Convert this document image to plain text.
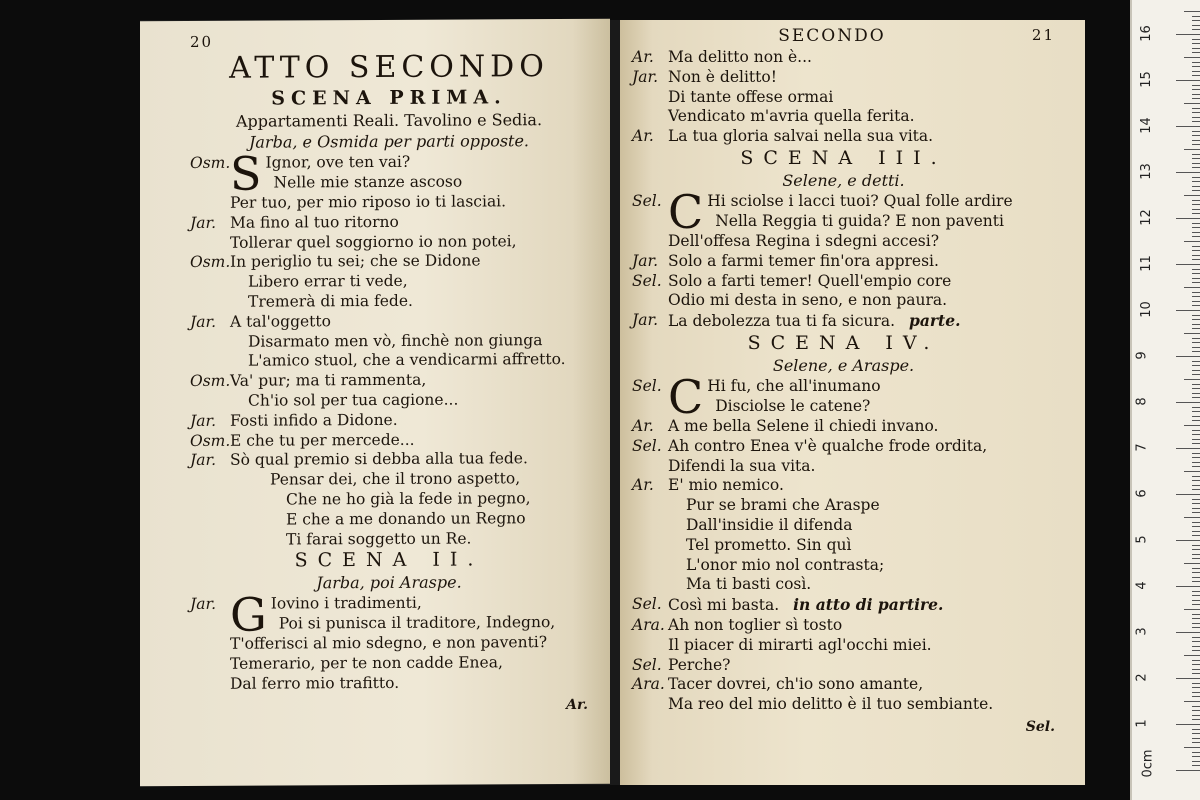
20
ATTO SECONDO
SCENA PRIMA.
Appartamenti Reali. Tavolino e Sedia.
Jarba, e Osmida per parti opposte.
Osm. S Ignor, ove ten vai?
Nelle mie stanze ascoso
Per tuo, per mio riposo io ti lasciai.
Jar. Ma fino al tuo ritorno
Tollerar quel soggiorno io non potei,
Osm. In periglio tu sei; che se Didone
Libero errar ti vede,
Tremerà di mia fede.
Jar. A tal'oggetto
Disarmato men vò, finchè non giunga
L'amico stuol, che a vendicarmi affretto.
Osm. Va' pur; ma ti rammenta,
Ch'io sol per tua cagione...
Jar. Fosti infido a Didone.
Osm. E che tu per mercede...
Jar. Sò qual premio si debba alla tua fede.
Pensar dei, che il trono aspetto,
Che ne ho già la fede in pegno,
E che a me donando un Regno
Ti farai soggetto un Re.
SCENA II.
Jarba, poi Araspe.
Jar. G Iovino i tradimenti,
Poi si punisca il traditore, Indegno,
T'offerisci al mio sdegno, e non paventi?
Temerario, per te non cadde Enea,
Dal ferro mio trafitto.
Ar.
SECONDO	21
Ar. Ma delitto non è...
Jar. Non è delitto!
Di tante offese ormai
Vendicato m'avria quella ferita.
Ar. La tua gloria salvai nella sua vita.
SCENA III.
Selene, e detti.
Sel. C Hi sciolse i lacci tuoi? Qual folle ardire
Nella Reggia ti guida? E non paventi
Dell'offesa Regina i sdegni accesi?
Jar. Solo a farmi temer fin'ora appresi.
Sel. Solo a farti temer! Quell'empio core
Odio mi desta in seno, e non paura.
Jar. La debolezza tua ti fa sicura. parte.
SCENA IV.
Selene, e Araspe.
Sel. C Hi fu, che all'inumano
Disciolse le catene?
Ar. A me bella Selene il chiedi invano.
Sel. Ah contro Enea v'è qualche frode ordita,
Difendi la sua vita.
Ar. E' mio nemico.
Pur se brami che Araspe
Dall'insidie il difenda
Tel prometto. Sin quì
L'onor mio nol contrasta;
Ma ti basti così.
Sel. Così mi basta. in atto di partire.
Ara. Ah non toglier sì tosto
Il piacer di mirarti agl'occhi miei.
Sel. Perche?
Ara. Tacer dovrei, ch'io sono amante,
Ma reo del mio delitto è il tuo sembiante.
Sel.
0cm
1
2
3
4
5
6
7
8
9
10
11
12
13
14
15
16
